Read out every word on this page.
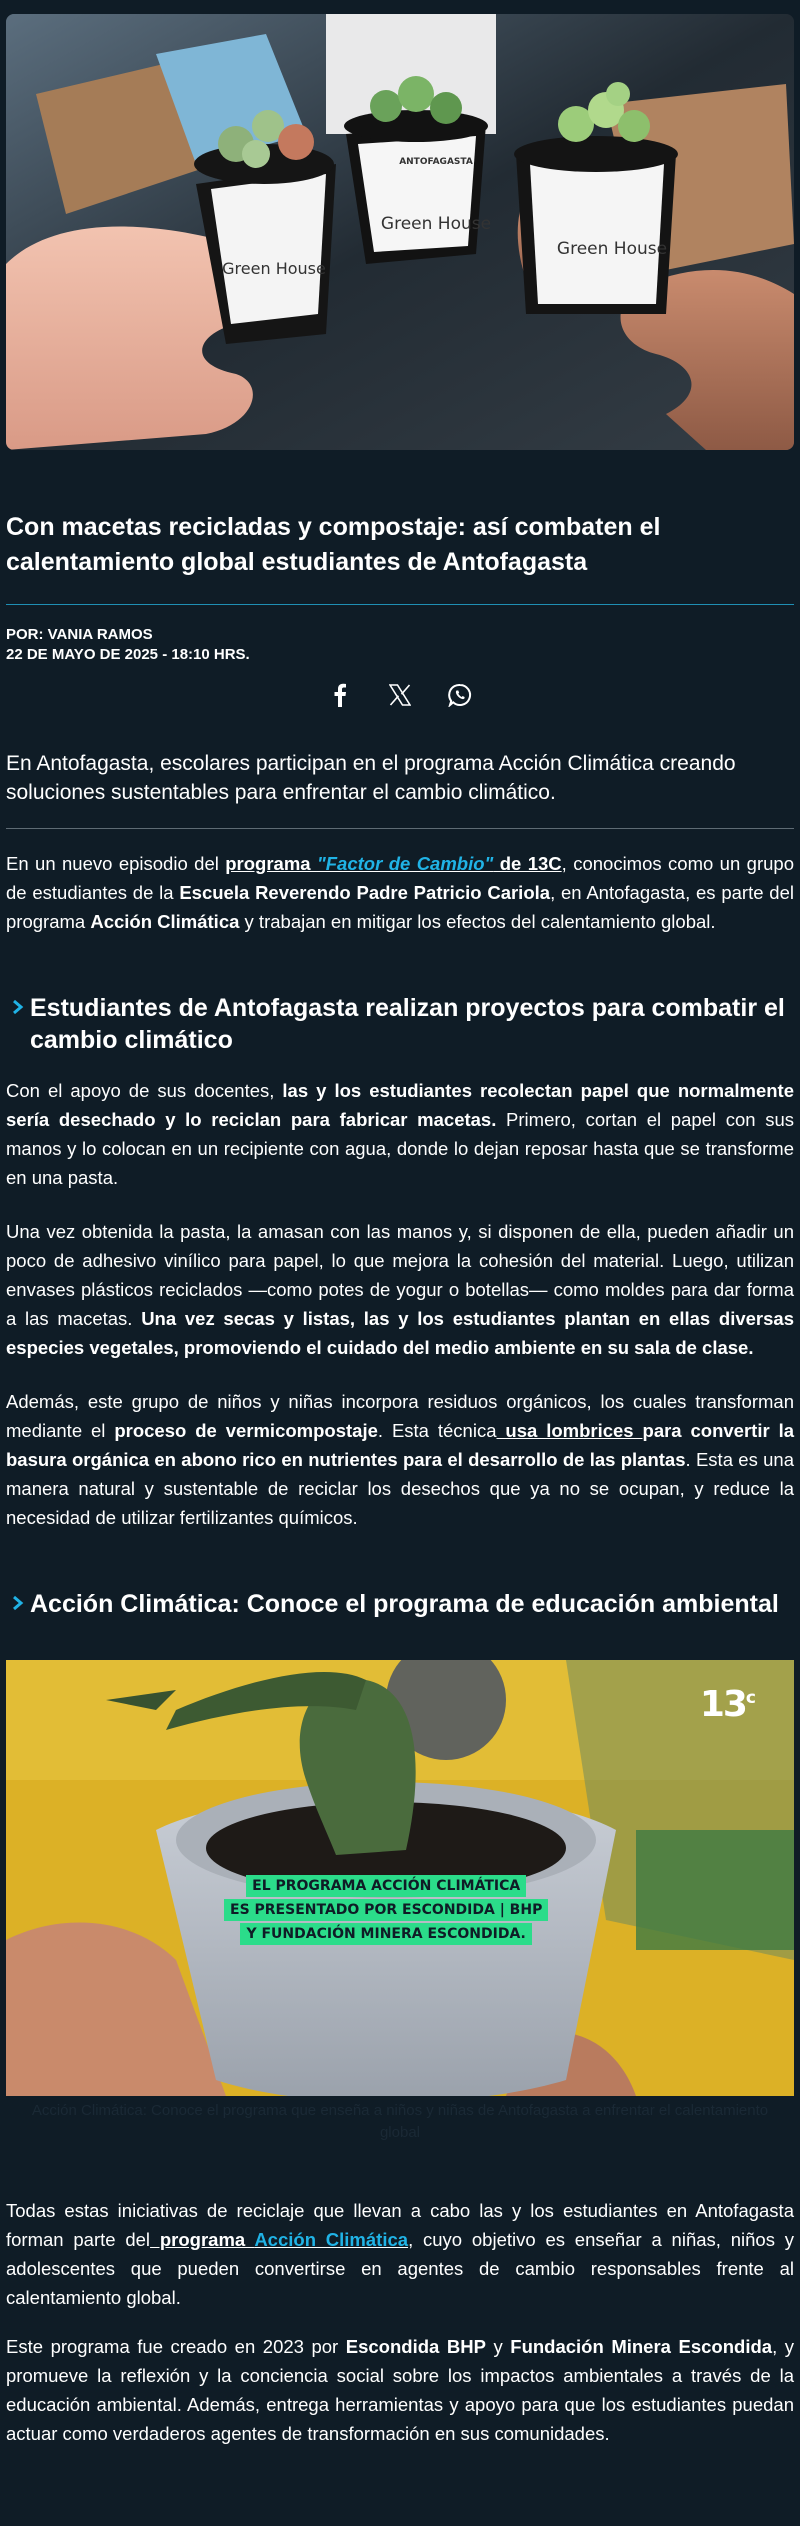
Green House
ANTOFAGASTA
Green House
Green House
Con macetas recicladas y compostaje: así combaten el calentamiento global estudiantes de Antofagasta
POR: VANIA RAMOS
22 DE MAYO DE 2025 - 18:10 HRS.
En Antofagasta, escolares participan en el programa Acción Climática creando soluciones sustentables para enfrentar el cambio climático.

En un nuevo episodio del programa "Factor de Cambio" de 13C, conocimos como un grupo de estudiantes de la Escuela Reverendo Padre Patricio Cariola, en Antofagasta, es parte del programa Acción Climática y trabajan en mitigar los efectos del calentamiento global.

Estudiantes de Antofagasta realizan proyectos para combatir el cambio climático

Con el apoyo de sus docentes, las y los estudiantes recolectan papel que normalmente sería desechado y lo reciclan para fabricar macetas. Primero, cortan el papel con sus manos y lo colocan en un recipiente con agua, donde lo dejan reposar hasta que se transforme en una pasta.

Una vez obtenida la pasta, la amasan con las manos y, si disponen de ella, pueden añadir un poco de adhesivo vinílico para papel, lo que mejora la cohesión del material. Luego, utilizan envases plásticos reciclados —como potes de yogur o botellas— como moldes para dar forma a las macetas. Una vez secas y listas, las y los estudiantes plantan en ellas diversas especies vegetales, promoviendo el cuidado del medio ambiente en su sala de clase.

Además, este grupo de niños y niñas incorpora residuos orgánicos, los cuales transforman mediante el proceso de vermicompostaje. Esta técnica usa lombrices para convertir la basura orgánica en abono rico en nutrientes para el desarrollo de las plantas. Esta es una manera natural y sustentable de reciclar los desechos que ya no se ocupan, y reduce la necesidad de utilizar fertilizantes químicos.

Acción Climática: Conoce el programa de educación ambiental
13$^c$
EL PROGRAMA ACCIÓN CLIMÁTICA
ES PRESENTADO POR ESCONDIDA | BHP
Y FUNDACIÓN MINERA ESCONDIDA.
Acción Climática: Conoce el programa que enseña a niños y niñas de Antofagasta a enfrentar el calentamiento global

Todas estas iniciativas de reciclaje que llevan a cabo las y los estudiantes en Antofagasta forman parte del programa Acción Climática, cuyo objetivo es enseñar a niñas, niños y adolescentes que pueden convertirse en agentes de cambio responsables frente al calentamiento global.

Este programa fue creado en 2023 por Escondida BHP y Fundación Minera Escondida, y promueve la reflexión y la conciencia social sobre los impactos ambientales a través de la educación ambiental. Además, entrega herramientas y apoyo para que los estudiantes puedan actuar como verdaderos agentes de transformación en sus comunidades.
